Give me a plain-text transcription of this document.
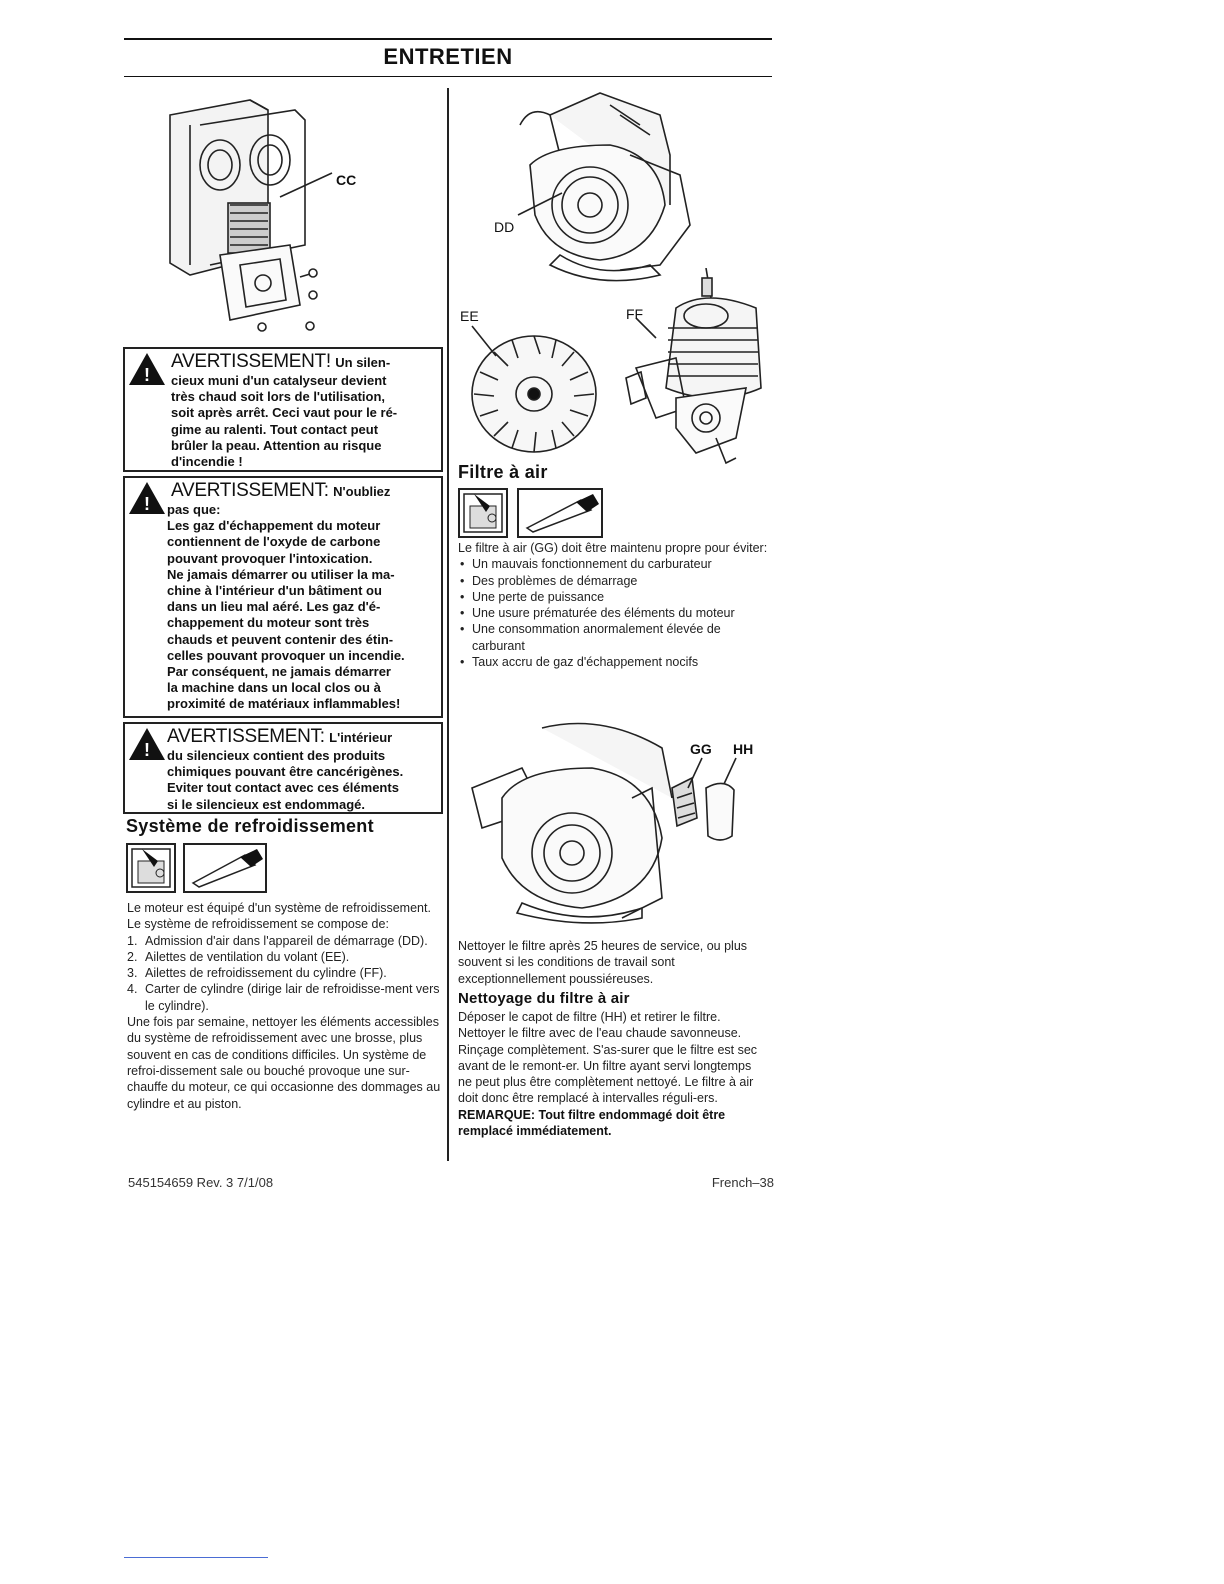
ENTRETIEN
CC
!
AVERTISSEMENT! Un silen-
cieux muni d'un catalyseur devient
très chaud soit lors de l'utilisation,
soit après arrêt. Ceci vaut pour le ré-
gime au ralenti. Tout contact peut
brûler la peau. Attention au risque
d'incendie !
!
AVERTISSEMENT: N'oubliez
pas que:
Les gaz d'échappement du moteur
contiennent de l'oxyde de carbone
pouvant provoquer l'intoxication.
Ne jamais démarrer ou utiliser la ma-
chine à l'intérieur d'un bâtiment ou
dans un lieu mal aéré. Les gaz d'é-
chappement du moteur sont très
chauds et peuvent contenir des étin-
celles pouvant provoquer un incendie.
Par conséquent, ne jamais démarrer
la machine dans un local clos ou à
proximité de matériaux inflammables!
!
AVERTISSEMENT: L'intérieur
du silencieux contient des produits
chimiques pouvant être cancérigènes.
Eviter tout contact avec ces éléments
si le silencieux est endommagé.
Système de refroidissement

Le moteur est équipé d'un système de refroidissement.

Le système de refroidissement se compose de:

1. Admission d'air dans l'appareil de démarrage (DD).
2. Ailettes de ventilation du volant (EE).
3. Ailettes de refroidissement du cylindre (FF).
4. Carter de cylindre (dirige lair de refroidisse-ment vers le cylindre).

Une fois par semaine, nettoyer les éléments accessibles du système de refroidissement avec une brosse, plus souvent en cas de conditions difficiles. Un système de refroi-dissement sale ou bouché provoque une sur-chauffe du moteur, ce qui occasionne des dommages au cylindre et au piston.

DD
EE	FF
Filtre à air

Le filtre à air (GG) doit être maintenu propre pour éviter:

• Un mauvais fonctionnement du carburateur
• Des problèmes de démarrage
• Une perte de puissance
• Une usure prématurée des éléments du moteur
• Une consommation anormalement élevée de carburant
• Taux accru de gaz d'échappement nocifs
GG HH

Nettoyer le filtre après 25 heures de service, ou plus souvent si les conditions de travail sont exceptionnellement poussiéreuses.

Nettoyage du filtre à air

Déposer le capot de filtre (HH) et retirer le filtre. Nettoyer le filtre avec de l'eau chaude savonneuse. Rinçage complètement. S'as-surer que le filtre est sec avant de le remont-er. Un filtre ayant servi longtemps ne peut plus être complètement nettoyé. Le filtre à air doit donc être remplacé à intervalles réguli-ers. REMARQUE: Tout filtre endommagé doit être remplacé immédiatement.

545154659 Rev. 3 7/1/08	French–38
